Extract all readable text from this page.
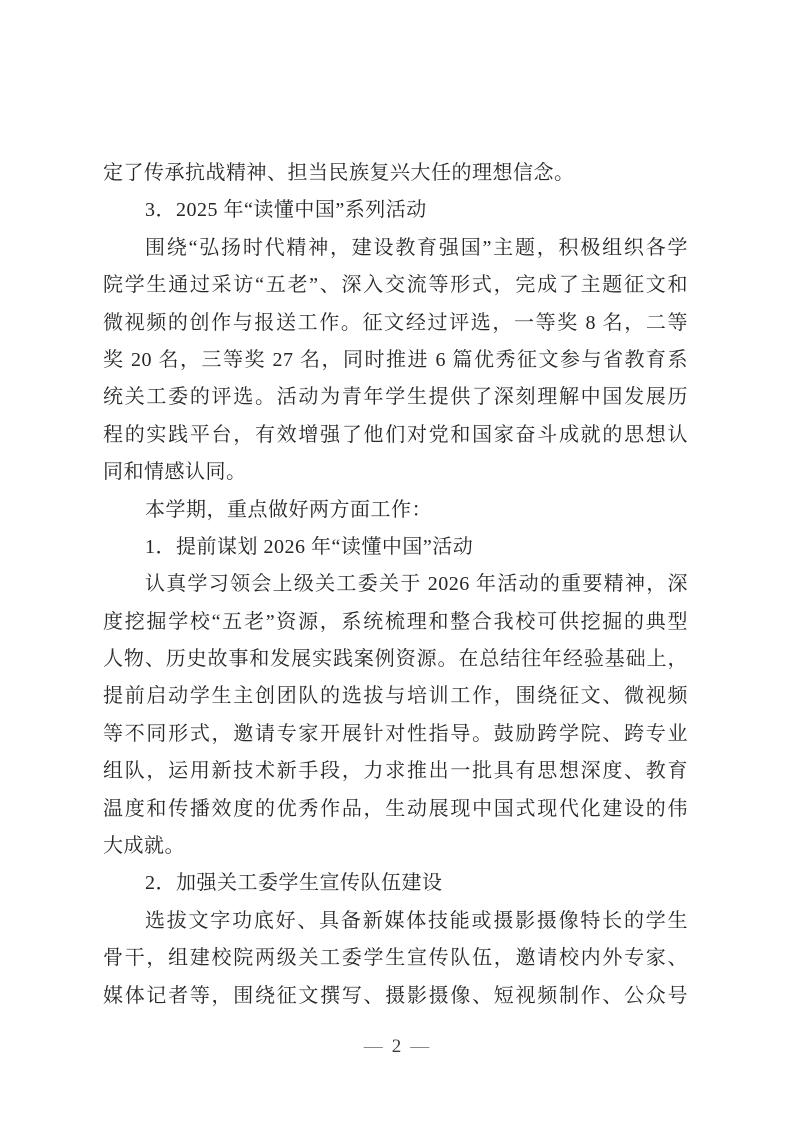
定了传承抗战精神、担当民族复兴大任的理想信念。
3．2025 年“读懂中国”系列活动
围绕“弘扬时代精神，建设教育强国”主题，积极组织各学
院学生通过采访“五老”、深入交流等形式，完成了主题征文和
微视频的创作与报送工作。征文经过评选，一等奖 8 名，二等
奖 20 名，三等奖 27 名，同时推进 6 篇优秀征文参与省教育系
统关工委的评选。活动为青年学生提供了深刻理解中国发展历
程的实践平台，有效增强了他们对党和国家奋斗成就的思想认
同和情感认同。
本学期，重点做好两方面工作：
1．提前谋划 2026 年“读懂中国”活动
认真学习领会上级关工委关于 2026 年活动的重要精神，深
度挖掘学校“五老”资源，系统梳理和整合我校可供挖掘的典型
人物、历史故事和发展实践案例资源。在总结往年经验基础上，
提前启动学生主创团队的选拔与培训工作，围绕征文、微视频
等不同形式，邀请专家开展针对性指导。鼓励跨学院、跨专业
组队，运用新技术新手段，力求推出一批具有思想深度、教育
温度和传播效度的优秀作品，生动展现中国式现代化建设的伟
大成就。
2．加强关工委学生宣传队伍建设
选拔文字功底好、具备新媒体技能或摄影摄像特长的学生
骨干，组建校院两级关工委学生宣传队伍，邀请校内外专家、
媒体记者等，围绕征文撰写、摄影摄像、短视频制作、公众号
— 2 —
